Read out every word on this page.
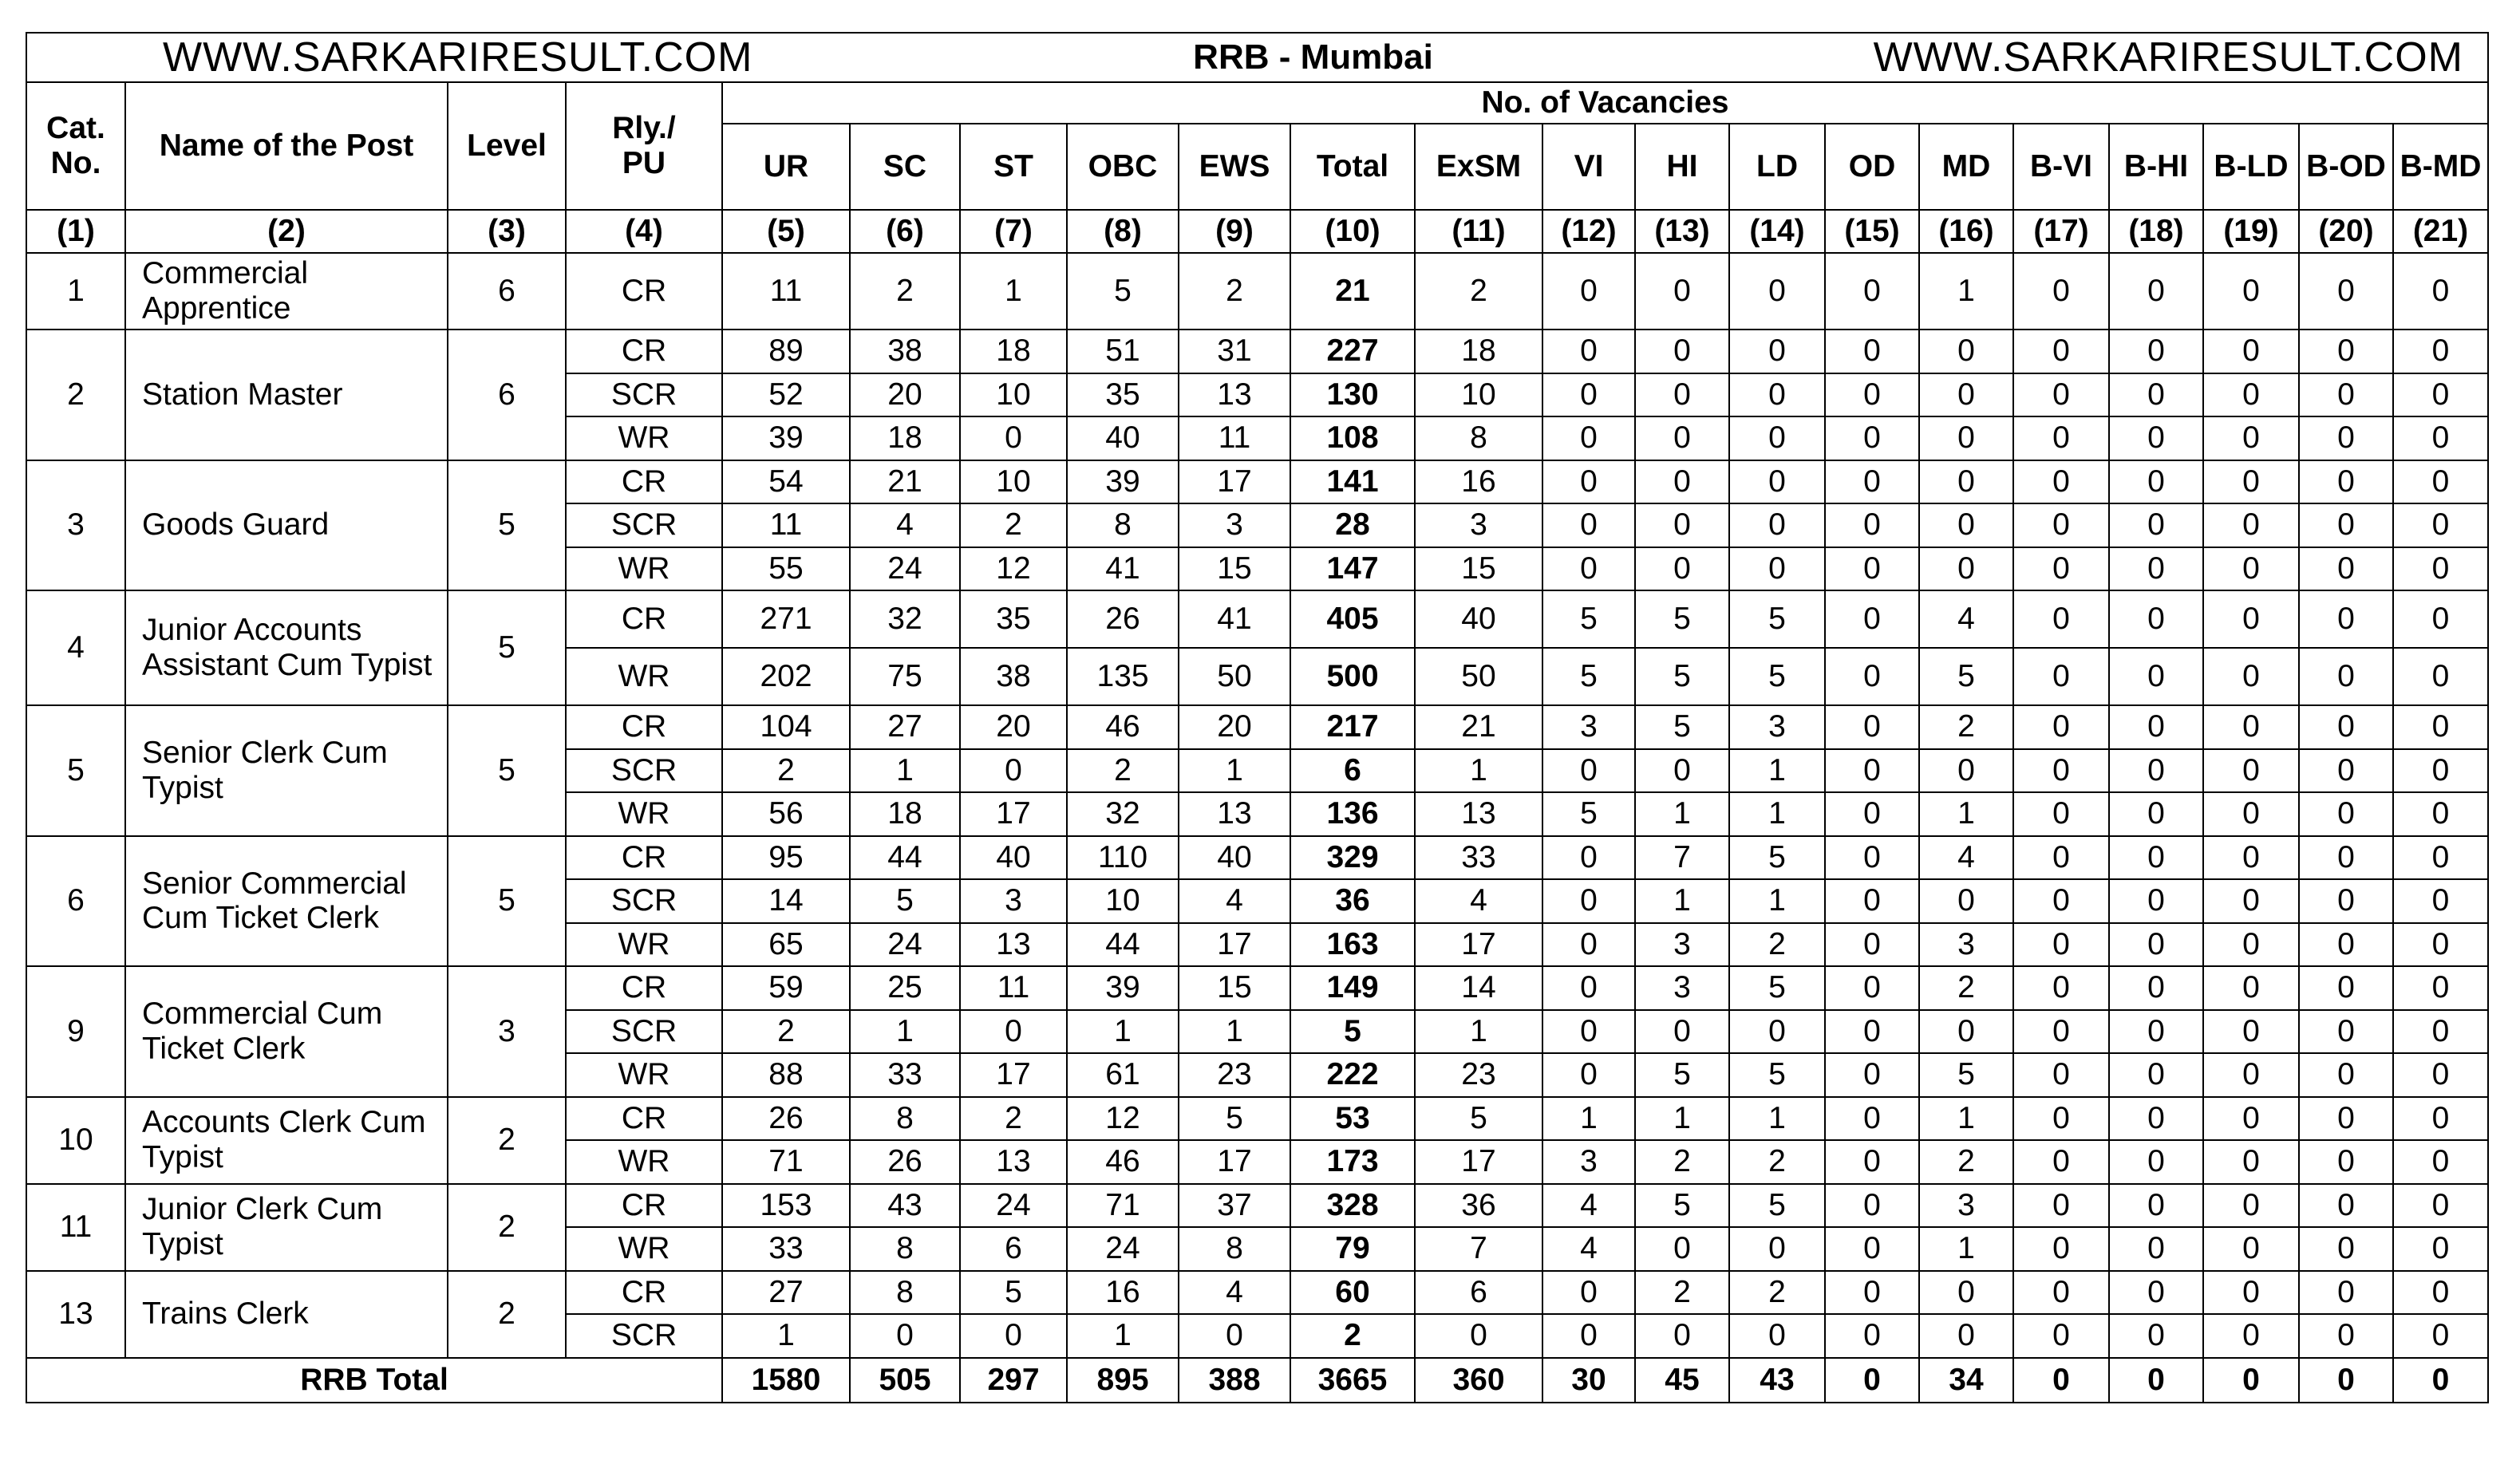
WWW.SARKARIRESULT.COM RRB - Mumbai WWW.SARKARIRESULT.COM																				

Cat. No.	Name of the Post	Level	Rly./ PU	No. of Vacancies																
				UR	SC	ST	OBC	EWS	Total	ExSM	VI	HI	LD	OD	MD	B-VI	B-HI	B-LD	B-OD	B-MD
(1)	(2)	(3)	(4)	(5)	(6)	(7)	(8)	(9)	(10)	(11)	(12)	(13)	(14)	(15)	(16)	(17)	(18)	(19)	(20)	(21)
1	Commercial Apprentice	6	CR	11	2	1	5	2	21	2	0	0	0	0	1	0	0	0	0	0
2	Station Master	6	CR	89	38	18	51	31	227	18	0	0	0	0	0	0	0	0	0	0
			SCR	52	20	10	35	13	130	10	0	0	0	0	0	0	0	0	0	0
			WR	39	18	0	40	11	108	8	0	0	0	0	0	0	0	0	0	0
3	Goods Guard	5	CR	54	21	10	39	17	141	16	0	0	0	0	0	0	0	0	0	0
			SCR	11	4	2	8	3	28	3	0	0	0	0	0	0	0	0	0	0
			WR	55	24	12	41	15	147	15	0	0	0	0	0	0	0	0	0	0
4	Junior Accounts Assistant Cum Typist	5	CR	271	32	35	26	41	405	40	5	5	5	0	4	0	0	0	0	0
			WR	202	75	38	135	50	500	50	5	5	5	0	5	0	0	0	0	0
5	Senior Clerk Cum Typist	5	CR	104	27	20	46	20	217	21	3	5	3	0	2	0	0	0	0	0
			SCR	2	1	0	2	1	6	1	0	0	1	0	0	0	0	0	0	0
			WR	56	18	17	32	13	136	13	5	1	1	0	1	0	0	0	0	0
6	Senior Commercial Cum Ticket Clerk	5	CR	95	44	40	110	40	329	33	0	7	5	0	4	0	0	0	0	0
			SCR	14	5	3	10	4	36	4	0	1	1	0	0	0	0	0	0	0
			WR	65	24	13	44	17	163	17	0	3	2	0	3	0	0	0	0	0
9	Commercial Cum Ticket Clerk	3	CR	59	25	11	39	15	149	14	0	3	5	0	2	0	0	0	0	0
			SCR	2	1	0	1	1	5	1	0	0	0	0	0	0	0	0	0	0
			WR	88	33	17	61	23	222	23	0	5	5	0	5	0	0	0	0	0
10	Accounts Clerk Cum Typist	2	CR	26	8	2	12	5	53	5	1	1	1	0	1	0	0	0	0	0
			WR	71	26	13	46	17	173	17	3	2	2	0	2	0	0	0	0	0
11	Junior Clerk Cum Typist	2	CR	153	43	24	71	37	328	36	4	5	5	0	3	0	0	0	0	0
			WR	33	8	6	24	8	79	7	4	0	0	0	1	0	0	0	0	0
13	Trains Clerk	2	CR	27	8	5	16	4	60	6	0	2	2	0	0	0	0	0	0	0
			SCR	1	0	0	1	0	2	0	0	0	0	0	0	0	0	0	0	0
RRB Total				1580	505	297	895	388	3665	360	30	45	43	0	34	0	0	0	0	0
